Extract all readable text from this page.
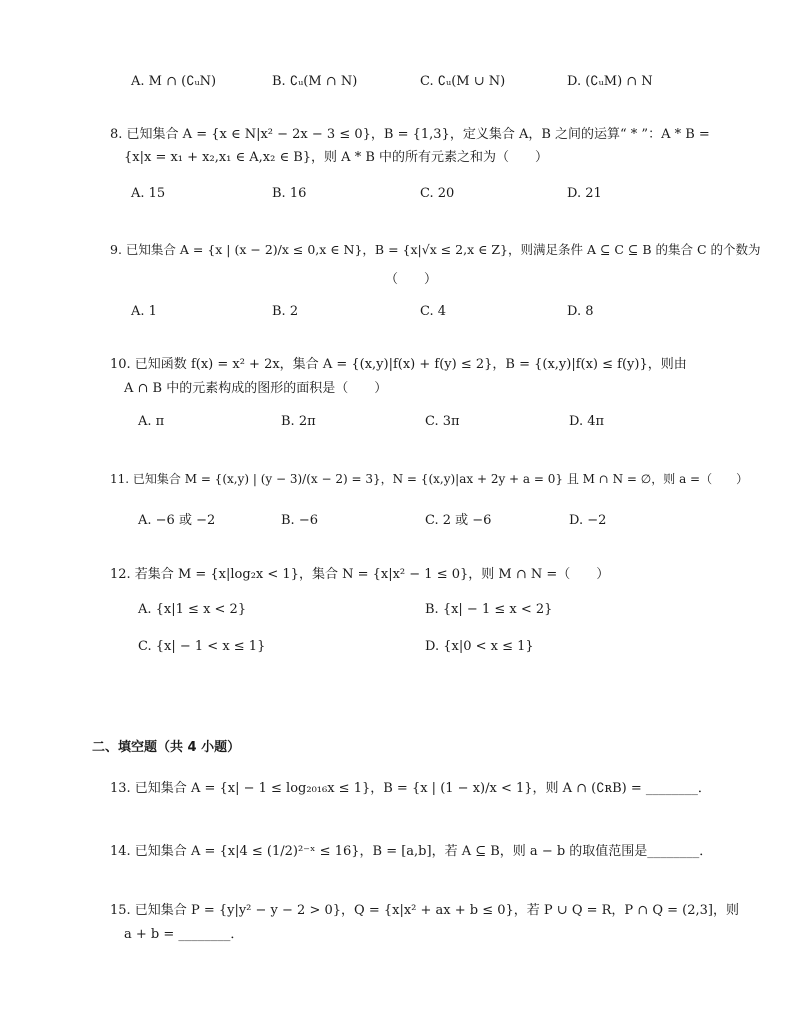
A. M ∩ (∁ᵤN)	B. ∁ᵤ(M ∩ N)	C. ∁ᵤ(M ∪ N)	D. (∁ᵤM) ∩ N
8. 已知集合 A = {x ∈ N|x² − 2x − 3 ≤ 0}，B = {1,3}，定义集合 A，B 之间的运算“ * ”：A * B =
{x|x = x₁ + x₂,x₁ ∈ A,x₂ ∈ B}，则 A * B 中的所有元素之和为（　　）
A. 15	B. 16	C. 20	D. 21
9. 已知集合 A = {x | (x − 2)/x ≤ 0,x ∈ N}，B = {x|√x ≤ 2,x ∈ Z}，则满足条件 A ⊆ C ⊆ B 的集合 C 的个数为
（　　）
A. 1	B. 2	C. 4	D. 8
10. 已知函数 f(x) = x² + 2x，集合 A = {(x,y)|f(x) + f(y) ≤ 2}，B = {(x,y)|f(x) ≤ f(y)}，则由
A ∩ B 中的元素构成的图形的面积是（　　）
A. π	B. 2π	C. 3π	D. 4π
11. 已知集合 M = {(x,y) | (y − 3)/(x − 2) = 3}，N = {(x,y)|ax + 2y + a = 0} 且 M ∩ N = ∅，则 a =（　　）
A. −6 或 −2	B. −6	C. 2 或 −6	D. −2
12. 若集合 M = {x|log₂x < 1}，集合 N = {x|x² − 1 ≤ 0}，则 M ∩ N =（　　）
A. {x|1 ≤ x < 2}	B. {x| − 1 ≤ x < 2}
C. {x| − 1 < x ≤ 1}	D. {x|0 < x ≤ 1}
二、填空题（共 4 小题）
13. 已知集合 A = {x| − 1 ≤ log₂₀₁₆x ≤ 1}，B = {x | (1 − x)/x < 1}，则 A ∩ (∁ʀB) = ________．
14. 已知集合 A = {x|4 ≤ (1/2)²⁻ˣ ≤ 16}，B = [a,b]，若 A ⊆ B，则 a − b 的取值范围是________．
15. 已知集合 P = {y|y² − y − 2 > 0}，Q = {x|x² + ax + b ≤ 0}，若 P ∪ Q = R，P ∩ Q = (2,3]，则
a + b = ________．
